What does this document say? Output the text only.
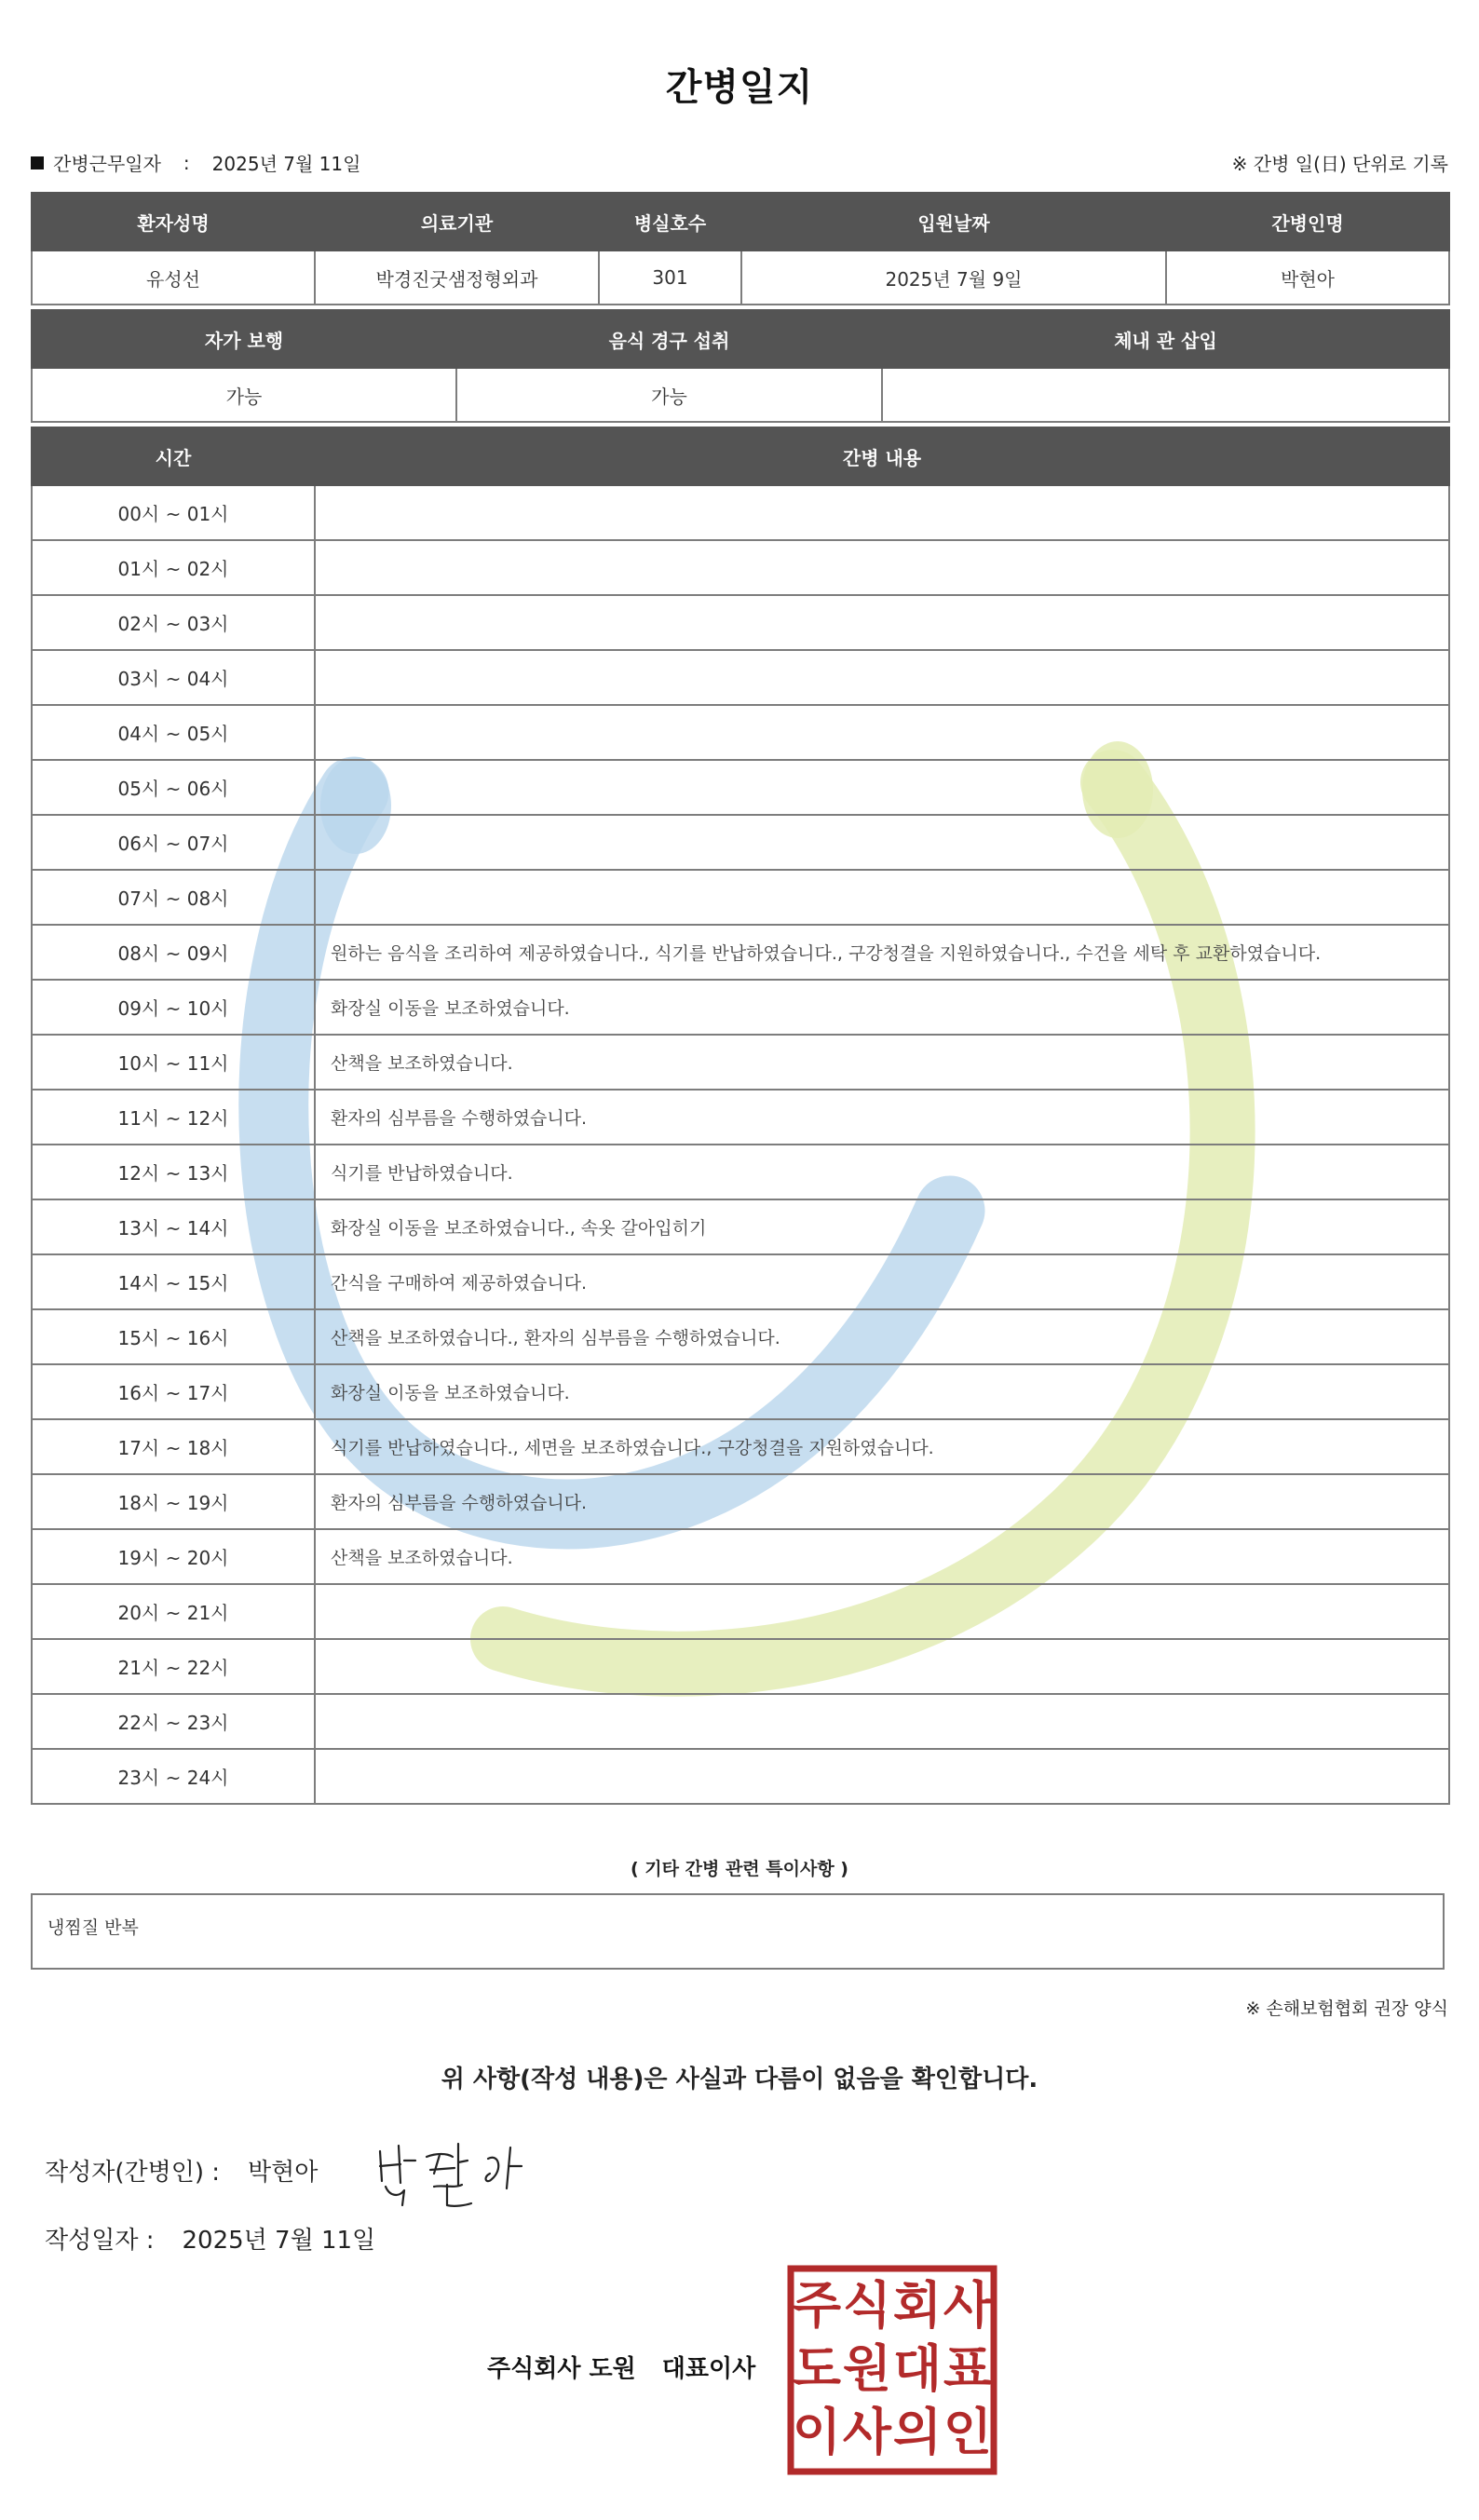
간병일지
간병근무일자 : 2025년 7월 11일	※ 간병 일(日) 단위로 기록
환자성명	의료기관	병실호수	입원날짜	간병인명
유성선	박경진굿샘정형외과	301	2025년 7월 9일	박현아
자가 보행	음식 경구 섭취	체내 관 삽입
가능	가능	
시간	간병 내용
00시 ~ 01시	
01시 ~ 02시	
02시 ~ 03시	
03시 ~ 04시	
04시 ~ 05시	
05시 ~ 06시	
06시 ~ 07시	
07시 ~ 08시	
08시 ~ 09시	원하는 음식을 조리하여 제공하였습니다., 식기를 반납하였습니다., 구강청결을 지원하였습니다., 수건을 세탁 후 교환하였습니다.
09시 ~ 10시	화장실 이동을 보조하였습니다.
10시 ~ 11시	산책을 보조하였습니다.
11시 ~ 12시	환자의 심부름을 수행하였습니다.
12시 ~ 13시	식기를 반납하였습니다.
13시 ~ 14시	화장실 이동을 보조하였습니다., 속옷 갈아입히기
14시 ~ 15시	간식을 구매하여 제공하였습니다.
15시 ~ 16시	산책을 보조하였습니다., 환자의 심부름을 수행하였습니다.
16시 ~ 17시	화장실 이동을 보조하였습니다.
17시 ~ 18시	식기를 반납하였습니다., 세면을 보조하였습니다., 구강청결을 지원하였습니다.
18시 ~ 19시	환자의 심부름을 수행하였습니다.
19시 ~ 20시	산책을 보조하였습니다.
20시 ~ 21시	
21시 ~ 22시	
22시 ~ 23시	
23시 ~ 24시	
( 기타 간병 관련 특이사항 )
냉찜질 반복
※ 손해보험협회 권장 양식
위 사항(작성 내용)은 사실과 다름이 없음을 확인합니다.
작성자(간병인) : 박현아
작성일자 : 2025년 7월 11일
주식회사 도원 대표이사
주 식 회 사
도 원 대 표
이 사 의 인
